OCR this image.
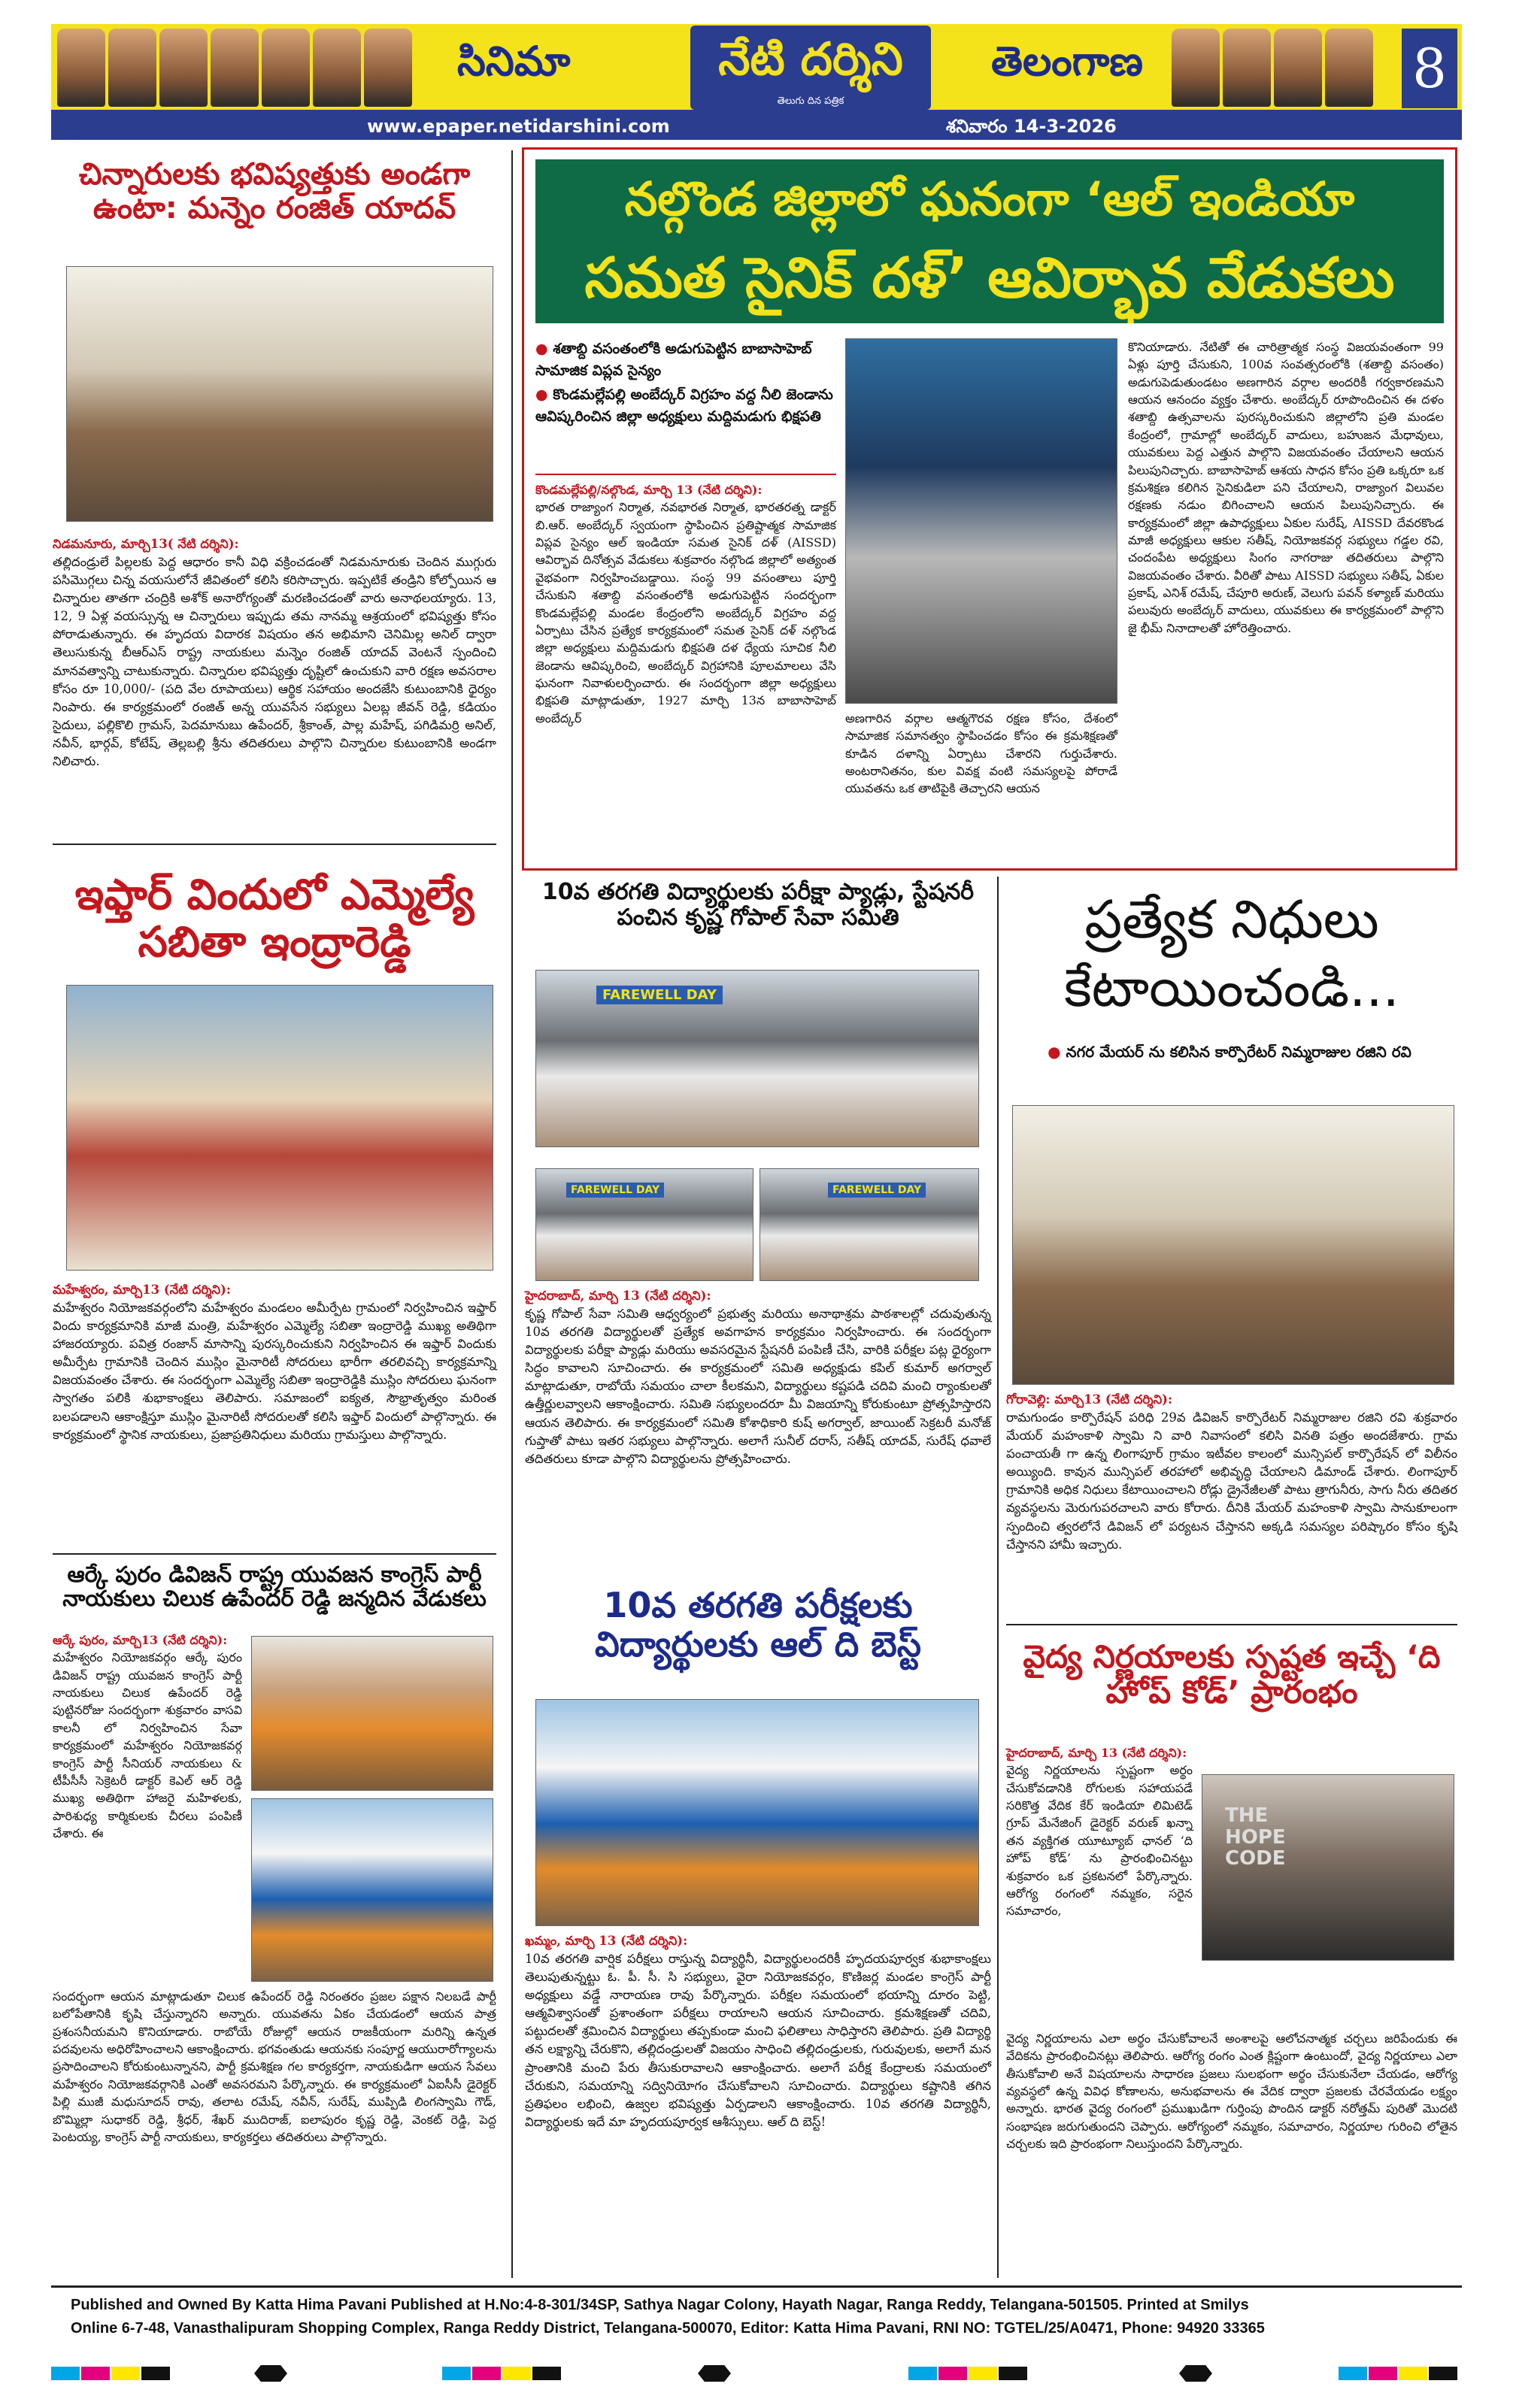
సినిమా	నేటి దర్శిని
తెలుగు దిన పత్రిక
తెలంగాణ	8
www.epaper.netidarshini.com	శనివారం 14-3-2026
చిన్నారులకు భవిష్యత్తుకు అండగా ఉంటా: మన్నెం రంజిత్ యాదవ్
నిడమనూరు, మార్చి13( నేటి దర్శిని):
తల్లిదండ్రులే పిల్లలకు పెద్ద ఆధారం కానీ విధి వక్రించడంతో నిడమనూరుకు చెందిన ముగ్గురు పసిమొగ్గలు చిన్న వయసులోనే జీవితంలో కలిసి కరిసొచ్చారు. ఇప్పటికే తండ్రిని కోల్పోయిన ఆ చిన్నారుల తాతగా చంద్రికి అశోక్ అనారోగ్యంతో మరణించడంతో వారు అనాథలయ్యారు. 13, 12, 9 ఏళ్ల వయస్సున్న ఆ చిన్నారులు ఇప్పుడు తమ నానమ్మ ఆశ్రయంలో భవిష్యత్తు కోసం పోరాడుతున్నారు. ఈ హృదయ విదారక విషయం తన అభిమాని చెనిమిల్ల అనిల్ ద్వారా తెలుసుకున్న బీఆర్ఎస్ రాష్ట్ర నాయకులు మన్నెం రంజిత్ యాదవ్ వెంటనే స్పందించి మానవత్వాన్ని చాటుకున్నారు. చిన్నారుల భవిష్యత్తు దృష్టిలో ఉంచుకుని వారి రక్షణ అవసరాల కోసం రూ 10,000/- (పది వేల రూపాయలు) ఆర్థిక సహాయం అందజేసి కుటుంబానికి ధైర్యం నింపారు. ఈ కార్యక్రమంలో రంజిత్ అన్న యువసేన సభ్యులు ఏలబ్ల జీవన్ రెడ్డి, కడియం సైదులు, పల్లికొలి గ్రామస్, పెదమానుబు ఉపేందర్, శ్రీకాంత్, పాల్ల మహేష్, పగిడిమర్రి అనిల్, నవీన్, భార్గవ్, కోటేష్, తెల్లబల్లి శ్రీను తదితరులు పాల్గొని చిన్నారుల కుటుంబానికి అండగా నిలిచారు.
ఇఫ్తార్ విందులో ఎమ్మెల్యే సబితా ఇంద్రారెడ్డి
మహేశ్వరం, మార్చి13 (నేటి దర్శిని):
మహేశ్వరం నియోజకవర్గంలోని మహేశ్వరం మండలం అమీర్పేట గ్రామంలో నిర్వహించిన ఇఫ్తార్ విందు కార్యక్రమానికి మాజీ మంత్రి, మహేశ్వరం ఎమ్మెల్యే సబితా ఇంద్రారెడ్డి ముఖ్య అతిథిగా హాజరయ్యారు. పవిత్ర రంజాన్ మాసాన్ని పురస్కరించుకుని నిర్వహించిన ఈ ఇఫ్తార్ విందుకు అమీర్పేట గ్రామానికి చెందిన ముస్లిం మైనారిటీ సోదరులు భారీగా తరలివచ్చి కార్యక్రమాన్ని విజయవంతం చేశారు. ఈ సందర్భంగా ఎమ్మెల్యే సబితా ఇంద్రారెడ్డికి ముస్లిం సోదరులు ఘనంగా స్వాగతం పలికి శుభాకాంక్షలు తెలిపారు. సమాజంలో ఐక్యత, సౌభ్రాతృత్వం మరింత బలపడాలని ఆకాంక్షిస్తూ ముస్లిం మైనారిటీ సోదరులతో కలిసి ఇఫ్తార్ విందులో పాల్గొన్నారు. ఈ కార్యక్రమంలో స్థానిక నాయకులు, ప్రజాప్రతినిధులు మరియు గ్రామస్తులు పాల్గొన్నారు.
ఆర్కే పురం డివిజన్ రాష్ట్ర యువజన కాంగ్రెస్ పార్టీ నాయకులు చిలుక ఉపేందర్ రెడ్డి జన్మదిన వేడుకలు
ఆర్కే పురం, మార్చి13 (నేటి దర్శిని):
మహేశ్వరం నియోజకవర్గం ఆర్కే పురం డివిజన్ రాష్ట్ర యువజన కాంగ్రెస్ పార్టీ నాయకులు చిలుక ఉపేందర్ రెడ్డి పుట్టినరోజు సందర్భంగా శుక్రవారం వాసవి కాలనీ లో నిర్వహించిన సేవా కార్యక్రమంలో మహేశ్వరం నియోజకవర్గ కాంగ్రెస్ పార్టీ సీనియర్ నాయకులు & టీపీసీసీ సెక్రెటరీ డాక్టర్ కెఎల్ ఆర్ రెడ్డి ముఖ్య అతిథిగా హాజరై మహిళలకు, పారిశుధ్య కార్మికులకు చీరలు పంపిణీ చేశారు. ఈ
సందర్భంగా ఆయన మాట్లాడుతూ చిలుక ఉపేందర్ రెడ్డి నిరంతరం ప్రజల పక్షాన నిలబడే పార్టీ బలోపేతానికి కృషి చేస్తున్నారని అన్నారు. యువతను ఏకం చేయడంలో ఆయన పాత్ర ప్రశంసనీయమని కొనియాడారు. రాబోయే రోజుల్లో ఆయన రాజకీయంగా మరిన్ని ఉన్నత పదవులను అధిరోహించాలని ఆకాంక్షించారు. భగవంతుడు ఆయనకు సంపూర్ణ ఆయురారోగ్యాలను ప్రసాదించాలని కోరుకుంటున్నానని, పార్టీ క్రమశిక్షణ గల కార్యకర్తగా, నాయకుడిగా ఆయన సేవలు మహేశ్వరం నియోజకవర్గానికి ఎంతో అవసరమని పేర్కొన్నారు. ఈ కార్యక్రమంలో ఏఐసీసీ డైరెక్టర్ పిల్లి ముజీ మధుసూదన్ రావు, తలాట రమేష్, నవీన్, సురేష్, ముప్పిడి లింగస్వామి గౌడ్, బొమ్మిల్లా సుధాకర్ రెడ్డి, శ్రీధర్, శేఖర్ ముదిరాజ్, ఐలాపురం కృష్ణ రెడ్డి, వెంకట్ రెడ్డి, పెద్ద పెంటయ్య, కాంగ్రెస్ పార్టీ నాయకులు, కార్యకర్తలు తదితరులు పాల్గొన్నారు.
నల్గొండ జిల్లాలో ఘనంగా ‘ఆల్ ఇండియా
సమత సైనిక్ దళ్’ ఆవిర్భావ వేడుకలు
● శతాబ్ది వసంతంలోకి అడుగుపెట్టిన బాబాసాహెబ్ సామాజిక విప్లవ సైన్యం
● కొండమల్లేపల్లి అంబేద్కర్ విగ్రహం వద్ద నీలి జెండాను ఆవిష్కరించిన జిల్లా అధ్యక్షులు మద్దిమడుగు భిక్షపతి
కొండమల్లేపల్లి/నల్గొండ, మార్చి 13 (నేటి దర్శిని):
భారత రాజ్యాంగ నిర్మాత, నవభారత నిర్మాత, భారతరత్న డాక్టర్ బి.ఆర్. అంబేద్కర్ స్వయంగా స్థాపించిన ప్రతిష్టాత్మక సామాజిక విప్లవ సైన్యం ఆల్ ఇండియా సమత సైనిక్ దళ్ (AISSD) ఆవిర్భావ దినోత్సవ వేడుకలు శుక్రవారం నల్గొండ జిల్లాలో అత్యంత వైభవంగా నిర్వహించబడ్డాయి. సంస్థ 99 వసంతాలు పూర్తి చేసుకుని శతాబ్ది వసంతంలోకి అడుగుపెట్టిన సందర్భంగా కొండమల్లేపల్లి మండల కేంద్రంలోని అంబేద్కర్ విగ్రహం వద్ద ఏర్పాటు చేసిన ప్రత్యేక కార్యక్రమంలో సమత సైనిక్ దళ్ నల్గొండ జిల్లా అధ్యక్షులు మద్దిమడుగు భిక్షపతి దళ ధ్యేయ సూచిక నీలి జెండాను ఆవిష్కరించి, అంబేద్కర్ విగ్రహానికి పూలమాలలు వేసి ఘనంగా నివాళులర్పించారు. ఈ సందర్భంగా జిల్లా అధ్యక్షులు భిక్షపతి మాట్లాడుతూ, 1927 మార్చి 13న బాబాసాహెబ్ అంబేద్కర్	అణగారిన వర్గాల ఆత్మగౌరవ రక్షణ కోసం, దేశంలో సామాజిక సమానత్వం స్థాపించడం కోసం ఈ క్రమశిక్షణతో కూడిన దళాన్ని ఏర్పాటు చేశారని గుర్తుచేశారు. అంటరానితనం, కుల వివక్ష వంటి సమస్యలపై పోరాడే యువతను ఒక తాటిపైకి తెచ్చారని ఆయన
కొనియాడారు. నేటితో ఈ చారిత్రాత్మక సంస్థ విజయవంతంగా 99 ఏళ్లు పూర్తి చేసుకుని, 100వ సంవత్సరంలోకి (శతాబ్ది వసంతం) అడుగుపెడుతుండటం అణగారిన వర్గాల అందరికీ గర్వకారణమని ఆయన ఆనందం వ్యక్తం చేశారు. అంబేద్కర్ రూపొందించిన ఈ దళం శతాబ్ది ఉత్సవాలను పురస్కరించుకుని జిల్లాలోని ప్రతి మండల కేంద్రంలో, గ్రామాల్లో అంబేద్కర్ వాదులు, బహుజన మేధావులు, యువకులు పెద్ద ఎత్తున పాల్గొని విజయవంతం చేయాలని ఆయన పిలుపునిచ్చారు. బాబాసాహెబ్ ఆశయ సాధన కోసం ప్రతి ఒక్కరూ ఒక క్రమశిక్షణ కలిగిన సైనికుడిలా పని చేయాలని, రాజ్యాంగ విలువల రక్షణకు నడుం బిగించాలని ఆయన పిలుపునిచ్చారు. ఈ కార్యక్రమంలో జిల్లా ఉపాధ్యక్షులు ఏకుల సురేష్, AISSD దేవరకొండ మాజీ అధ్యక్షులు ఆకుల సతీష్, నియోజకవర్గ సభ్యులు గడ్డల రవి, చందంపేట అధ్యక్షులు సింగం నాగరాజు తదితరులు పాల్గొని విజయవంతం చేశారు. వీరితో పాటు AISSD సభ్యులు సతీష్, ఏకుల ప్రకాష్, ఎనిశ్ రమేష్, చేపూరి అరుణ్, వెలుగు పవన్ కళ్యాణ్ మరియు పలువురు అంబేద్కర్ వాదులు, యువకులు ఈ కార్యక్రమంలో పాల్గొని జై భీమ్ నినాదాలతో హోరెత్తించారు.
10వ తరగతి విద్యార్థులకు పరీక్షా ప్యాడ్లు, స్టేషనరీ పంచిన కృష్ణ గోపాల్ సేవా సమితి
FAREWELL DAY
FAREWELL DAY	FAREWELL DAY
హైదరాబాద్, మార్చి 13 (నేటి దర్శిని):
కృష్ణ గోపాల్ సేవా సమితి ఆధ్వర్యంలో ప్రభుత్వ మరియు అనాథాశ్రమ పాఠశాలల్లో చదువుతున్న 10వ తరగతి విద్యార్థులతో ప్రత్యేక అవగాహన కార్యక్రమం నిర్వహించారు. ఈ సందర్భంగా విద్యార్థులకు పరీక్షా ప్యాడ్లు మరియు అవసరమైన స్టేషనరీ పంపిణీ చేసి, వారికి పరీక్షల పట్ల ధైర్యంగా సిద్ధం కావాలని సూచించారు. ఈ కార్యక్రమంలో సమితి అధ్యక్షుడు కపిల్ కుమార్ అగర్వాల్ మాట్లాడుతూ, రాబోయే సమయం చాలా కీలకమని, విద్యార్థులు కష్టపడి చదివి మంచి ర్యాంకులతో ఉత్తీర్ణులవ్వాలని ఆకాంక్షించారు. సమితి సభ్యులందరూ మీ విజయాన్ని కోరుకుంటూ ప్రోత్సహిస్తారని ఆయన తెలిపారు. ఈ కార్యక్రమంలో సమితి కోశాధికారి కుష్ అగర్వాల్, జాయింట్ సెక్రటరీ మనోజ్ గుప్తాతో పాటు ఇతర సభ్యులు పాల్గొన్నారు. అలాగే సునీల్ దరాస్, సతీష్ యాదవ్, సురేష్ ధవాలే తదితరులు కూడా పాల్గొని విద్యార్థులను ప్రోత్సహించారు.
10వ తరగతి పరీక్షలకు విద్యార్థులకు ఆల్ ది బెస్ట్
ఖమ్మం, మార్చి 13 (నేటి దర్శిని):
10వ తరగతి వార్షిక పరీక్షలు రాస్తున్న విద్యార్థినీ, విద్యార్థులందరికీ హృదయపూర్వక శుభాకాంక్షలు తెలుపుతున్నట్టు ఓ. పీ. సీ. సి సభ్యులు, వైరా నియోజకవర్గం, కొణిజర్ల మండల కాంగ్రెస్ పార్టీ అధ్యక్షులు వడ్డే నారాయణ రావు పేర్కొన్నారు. పరీక్షల సమయంలో భయాన్ని దూరం పెట్టి, ఆత్మవిశ్వాసంతో ప్రశాంతంగా పరీక్షలు రాయాలని ఆయన సూచించారు. క్రమశిక్షణతో చదివి, పట్టుదలతో శ్రమించిన విద్యార్థులు తప్పకుండా మంచి ఫలితాలు సాధిస్తారని తెలిపారు. ప్రతి విద్యార్థి తన లక్ష్యాన్ని చేరుకొని, తల్లిదండ్రులతో విజయం సాధించి తల్లిదండ్రులకు, గురువులకు, అలాగే మన ప్రాంతానికి మంచి పేరు తీసుకురావాలని ఆకాంక్షించారు. అలాగే పరీక్ష కేంద్రాలకు సమయంలో చేరుకుని, సమయాన్ని సద్వినియోగం చేసుకోవాలని సూచించారు. విద్యార్థులు కష్టానికి తగిన ప్రతిఫలం లభించి, ఉజ్వల భవిష్యత్తు ఏర్పడాలని ఆకాంక్షించారు. 10వ తరగతి విద్యార్థినీ, విద్యార్థులకు ఇదే మా హృదయపూర్వక ఆశీస్సులు. ఆల్ ది బెస్ట్!
ప్రత్యేక నిధులు కేటాయించండి...
● నగర మేయర్ ను కలిసిన కార్పొరేటర్ నిమ్మరాజుల రజిని రవి
గోరావెల్లి: మార్చి13 (నేటి దర్శిని):
రామగుండం కార్పొరేషన్ పరిధి 29వ డివిజన్ కార్పొరేటర్ నిమ్మరాజుల రజిని రవి శుక్రవారం మేయర్ మహంకాళి స్వామి ని వారి నివాసంలో కలిసి వినతి పత్రం అందజేశారు. గ్రామ పంచాయతీ గా ఉన్న లింగాపూర్ గ్రామం ఇటీవల కాలంలో మున్సిపల్ కార్పొరేషన్ లో విలీనం అయ్యింది. కావున మున్సిపల్ తరహాలో అభివృద్ధి చేయాలని డిమాండ్ చేశారు. లింగాపూర్ గ్రామానికి అధిక నిధులు కేటాయించాలని రోడ్లు డ్రైనేజీలతో పాటు త్రాగునీరు, సాగు నీరు తదితర వ్యవస్థలను మెరుగుపరచాలని వారు కోరారు. దీనికి మేయర్ మహంకాళి స్వామి సానుకూలంగా స్పందించి త్వరలోనే డివిజన్ లో పర్యటన చేస్తానని అక్కడి సమస్యల పరిష్కారం కోసం కృషి చేస్తానని హామీ ఇచ్చారు.
వైద్య నిర్ణయాలకు స్పష్టత ఇచ్చే ‘ది హోప్ కోడ్’ ప్రారంభం
హైదరాబాద్, మార్చి 13 (నేటి దర్శిని):
వైద్య నిర్ణయాలను స్పష్టంగా అర్థం చేసుకోవడానికి రోగులకు సహాయపడే సరికొత్త వేదిక కేర్ ఇండియా లిమిటెడ్ గ్రూప్ మేనేజింగ్ డైరెక్టర్ వరుణ్ ఖన్నా తన వ్యక్తిగత యూట్యూబ్ ఛానల్ ‘ది హోప్ కోడ్’ ను ప్రారంభించినట్టు శుక్రవారం ఒక ప్రకటనలో పేర్కొన్నారు. ఆరోగ్య రంగంలో నమ్మకం, సరైన సమాచారం,
THE HOPE CODE
వైద్య నిర్ణయాలను ఎలా అర్థం చేసుకోవాలనే అంశాలపై ఆలోచనాత్మక చర్చలు జరిపేందుకు ఈ వేదికను ప్రారంభించినట్లు తెలిపారు. ఆరోగ్య రంగం ఎంత క్లిష్టంగా ఉంటుందో, వైద్య నిర్ణయాలు ఎలా తీసుకోవాలి అనే విషయాలను సాధారణ ప్రజలు సులభంగా అర్థం చేసుకునేలా చేయడం, ఆరోగ్య వ్యవస్థలో ఉన్న వివిధ కోణాలను, అనుభవాలను ఈ వేదిక ద్వారా ప్రజలకు చేరవేయడం లక్ష్యం అన్నారు. భారత వైద్య రంగంలో ప్రముఖుడిగా గుర్తింపు పొందిన డాక్టర్ నరోత్తమ్ పురితో మొదటి సంభాషణ జరుగుతుందని చెప్పారు. ఆరోగ్యంలో నమ్మకం, సమాచారం, నిర్ణయాల గురించి లోతైన చర్చలకు ఇది ప్రారంభంగా నిలుస్తుందని పేర్కొన్నారు.
Published and Owned By Katta Hima Pavani Published at H.No:4-8-301/34SP, Sathya Nagar Colony, Hayath Nagar, Ranga Reddy, Telangana-501505. Printed at Smilys
Online 6-7-48, Vanasthalipuram Shopping Complex, Ranga Reddy District, Telangana-500070, Editor: Katta Hima Pavani, RNI NO: TGTEL/25/A0471, Phone: 94920 33365
